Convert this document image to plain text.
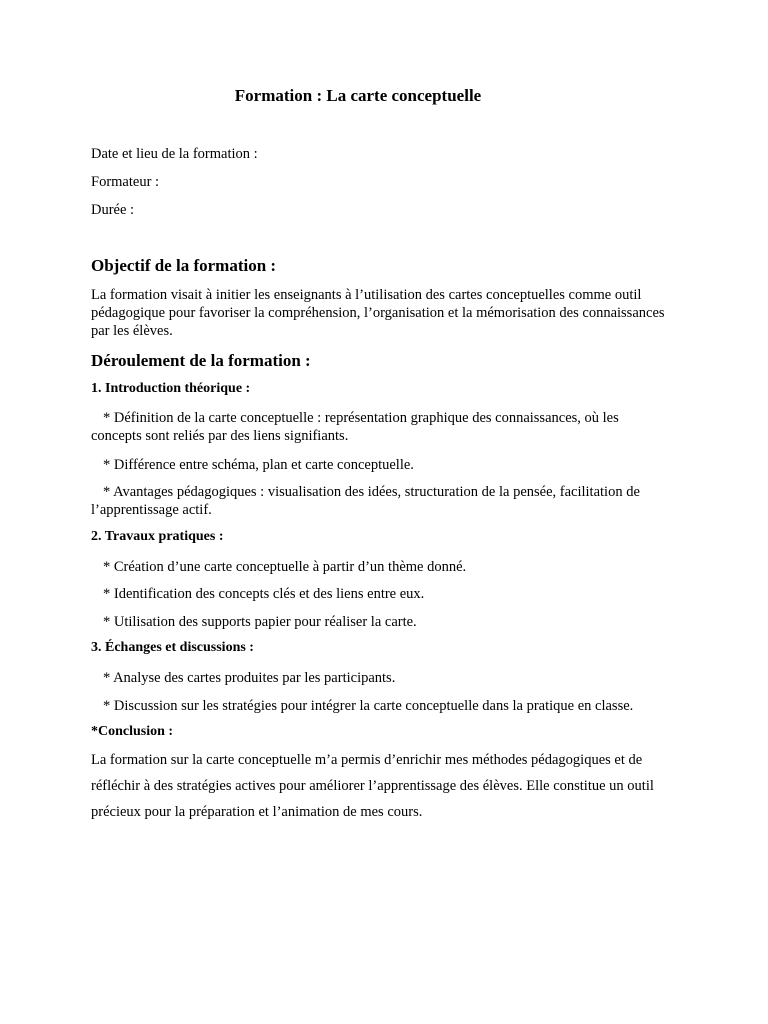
Formation : La carte conceptuelle

Date et lieu de la formation :

Formateur :

Durée :

Objectif de la formation :

La formation visait à initier les enseignants à l’utilisation des cartes conceptuelles comme outil pédagogique pour favoriser la compréhension, l’organisation et la mémorisation des connaissances par les élèves.

Déroulement de la formation :
1. Introduction théorique :

* Définition de la carte conceptuelle : représentation graphique des connaissances, où les concepts sont reliés par des liens signifiants.

* Différence entre schéma, plan et carte conceptuelle.

* Avantages pédagogiques : visualisation des idées, structuration de la pensée, facilitation de l’apprentissage actif.

2. Travaux pratiques :

* Création d’une carte conceptuelle à partir d’un thème donné.

* Identification des concepts clés et des liens entre eux.

* Utilisation des supports papier pour réaliser la carte.

3. Échanges et discussions :

* Analyse des cartes produites par les participants.

* Discussion sur les stratégies pour intégrer la carte conceptuelle dans la pratique en classe.

*Conclusion :

La formation sur la carte conceptuelle m’a permis d’enrichir mes méthodes pédagogiques et de réfléchir à des stratégies actives pour améliorer l’apprentissage des élèves. Elle constitue un outil précieux pour la préparation et l’animation de mes cours.
